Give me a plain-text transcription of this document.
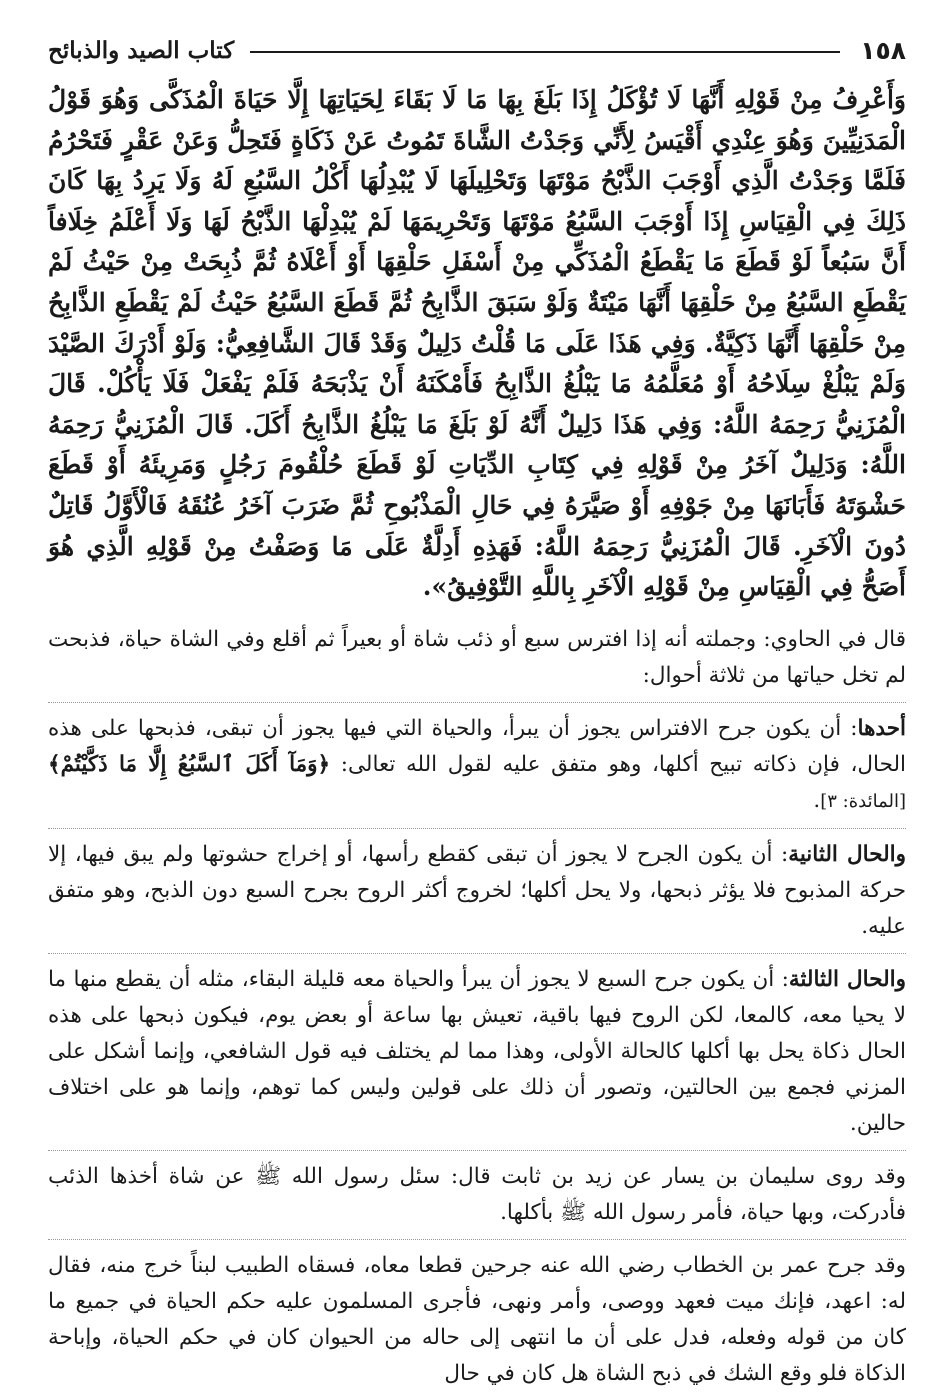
١٥٨
كتاب الصيد والذبائح
وَأَعْرِفُ مِنْ قَوْلِهِ أَنَّهَا لَا تُؤْكَلُ إِذَا بَلَغَ بِهَا مَا لَا بَقَاءَ لِحَيَاتِهَا إِلَّا حَيَاةَ الْمُذَكَّى وَهُوَ قَوْلُ الْمَدَنِيِّينَ وَهُوَ عِنْدِي أَقْيَسُ لِأَنِّي وَجَدْتُ الشَّاةَ تَمُوتُ عَنْ ذَكَاةٍ فَتَحِلُّ وَعَنْ عَقْرٍ فَتَحْرُمُ فَلَمَّا وَجَدْتُ الَّذِي أَوْجَبَ الذَّبْحُ مَوْتَهَا وَتَحْلِيلَهَا لَا يُبْدِلُهَا أَكْلُ السَّبُعِ لَهُ وَلَا يَرِدُ بِهَا كَانَ ذَلِكَ فِي الْقِيَاسِ إِذَا أَوْجَبَ السَّبُعُ مَوْتَهَا وَتَحْرِيمَهَا لَمْ يُبْدِلْهَا الذَّبْحُ لَهَا وَلَا أَعْلَمُ خِلَافاً أَنَّ سَبُعاً لَوْ قَطَعَ مَا يَقْطَعُ الْمُذَكِّي مِنْ أَسْفَلِ حَلْقِهَا أَوْ أَعْلَاهُ ثُمَّ ذُبِحَتْ مِنْ حَيْثُ لَمْ يَقْطَعِ السَّبُعُ مِنْ حَلْقِهَا أَنَّهَا مَيْتَةٌ وَلَوْ سَبَقَ الذَّابِحُ ثُمَّ قَطَعَ السَّبُعُ حَيْثُ لَمْ يَقْطَعِ الذَّابِحُ مِنْ حَلْقِهَا أَنَّهَا ذَكِيَّةٌ. وَفِي هَذَا عَلَى مَا قُلْتُ دَلِيلٌ وَقَدْ قَالَ الشَّافِعِيُّ: وَلَوْ أَدْرَكَ الصَّيْدَ وَلَمْ يَبْلُغْ سِلَاحُهُ أَوْ مُعَلَّمُهُ مَا يَبْلُغُ الذَّابِحُ فَأَمْكَنَهُ أَنْ يَذْبَحَهُ فَلَمْ يَفْعَلْ فَلَا يَأْكُلْ. قَالَ الْمُزَنِيُّ رَحِمَهُ اللَّهُ: وَفِي هَذَا دَلِيلٌ أَنَّهُ لَوْ بَلَغَ مَا يَبْلُغُ الذَّابِحُ أَكَلَ. قَالَ الْمُزَنِيُّ رَحِمَهُ اللَّهُ: وَدَلِيلٌ آخَرُ مِنْ قَوْلِهِ فِي كِتَابِ الدِّيَاتِ لَوْ قَطَعَ حُلْقُومَ رَجُلٍ وَمَرِيئَهُ أَوْ قَطَعَ حَشْوَتَهُ فَأَبَانَهَا مِنْ جَوْفِهِ أَوْ صَيَّرَهُ فِي حَالِ الْمَذْبُوحِ ثُمَّ ضَرَبَ آخَرُ عُنُقَهُ فَالْأَوَّلُ قَاتِلٌ دُونَ الْآخَرِ. قَالَ الْمُزَنِيُّ رَحِمَهُ اللَّهُ: فَهَذِهِ أَدِلَّةٌ عَلَى مَا وَصَفْتُ مِنْ قَوْلِهِ الَّذِي هُوَ أَصَحُّ فِي الْقِيَاسِ مِنْ قَوْلِهِ الْآخَرِ بِاللَّهِ التَّوْفِيقُ».

قال في الحاوي: وجملته أنه إذا افترس سبع أو ذئب شاة أو بعيراً ثم أقلع وفي الشاة حياة، فذبحت لم تخل حياتها من ثلاثة أحوال:

أحدها: أن يكون جرح الافتراس يجوز أن يبرأ، والحياة التي فيها يجوز أن تبقى، فذبحها على هذه الحال، فإن ذكاته تبيح أكلها، وهو متفق عليه لقول الله تعالى: ﴿وَمَآ أَكَلَ ٱلسَّبُعُ إِلَّا مَا ذَكَّيْتُمْ﴾ [المائدة: ٣].

والحال الثانية: أن يكون الجرح لا يجوز أن تبقى كقطع رأسها، أو إخراج حشوتها ولم يبق فيها، إلا حركة المذبوح فلا يؤثر ذبحها، ولا يحل أكلها؛ لخروج أكثر الروح بجرح السبع دون الذبح، وهو متفق عليه.

والحال الثالثة: أن يكون جرح السبع لا يجوز أن يبرأ والحياة معه قليلة البقاء، مثله أن يقطع منها ما لا يحيا معه، كالمعا، لكن الروح فيها باقية، تعيش بها ساعة أو بعض يوم، فيكون ذبحها على هذه الحال ذكاة يحل بها أكلها كالحالة الأولى، وهذا مما لم يختلف فيه قول الشافعي، وإنما أشكل على المزني فجمع بين الحالتين، وتصور أن ذلك على قولين وليس كما توهم، وإنما هو على اختلاف حالين.

وقد روى سليمان بن يسار عن زيد بن ثابت قال: سئل رسول الله ﷺ عن شاة أخذها الذئب فأدركت، وبها حياة، فأمر رسول الله ﷺ بأكلها.

وقد جرح عمر بن الخطاب رضي الله عنه جرحين قطعا معاه، فسقاه الطبيب لبناً خرج منه، فقال له: اعهد، فإنك ميت فعهد ووصى، وأمر ونهى، فأجرى المسلمون عليه حكم الحياة في جميع ما كان من قوله وفعله، فدل على أن ما انتهى إلى حاله من الحيوان كان في حكم الحياة، وإباحة الذكاة فلو وقع الشك في ذبح الشاة هل كان في حال
